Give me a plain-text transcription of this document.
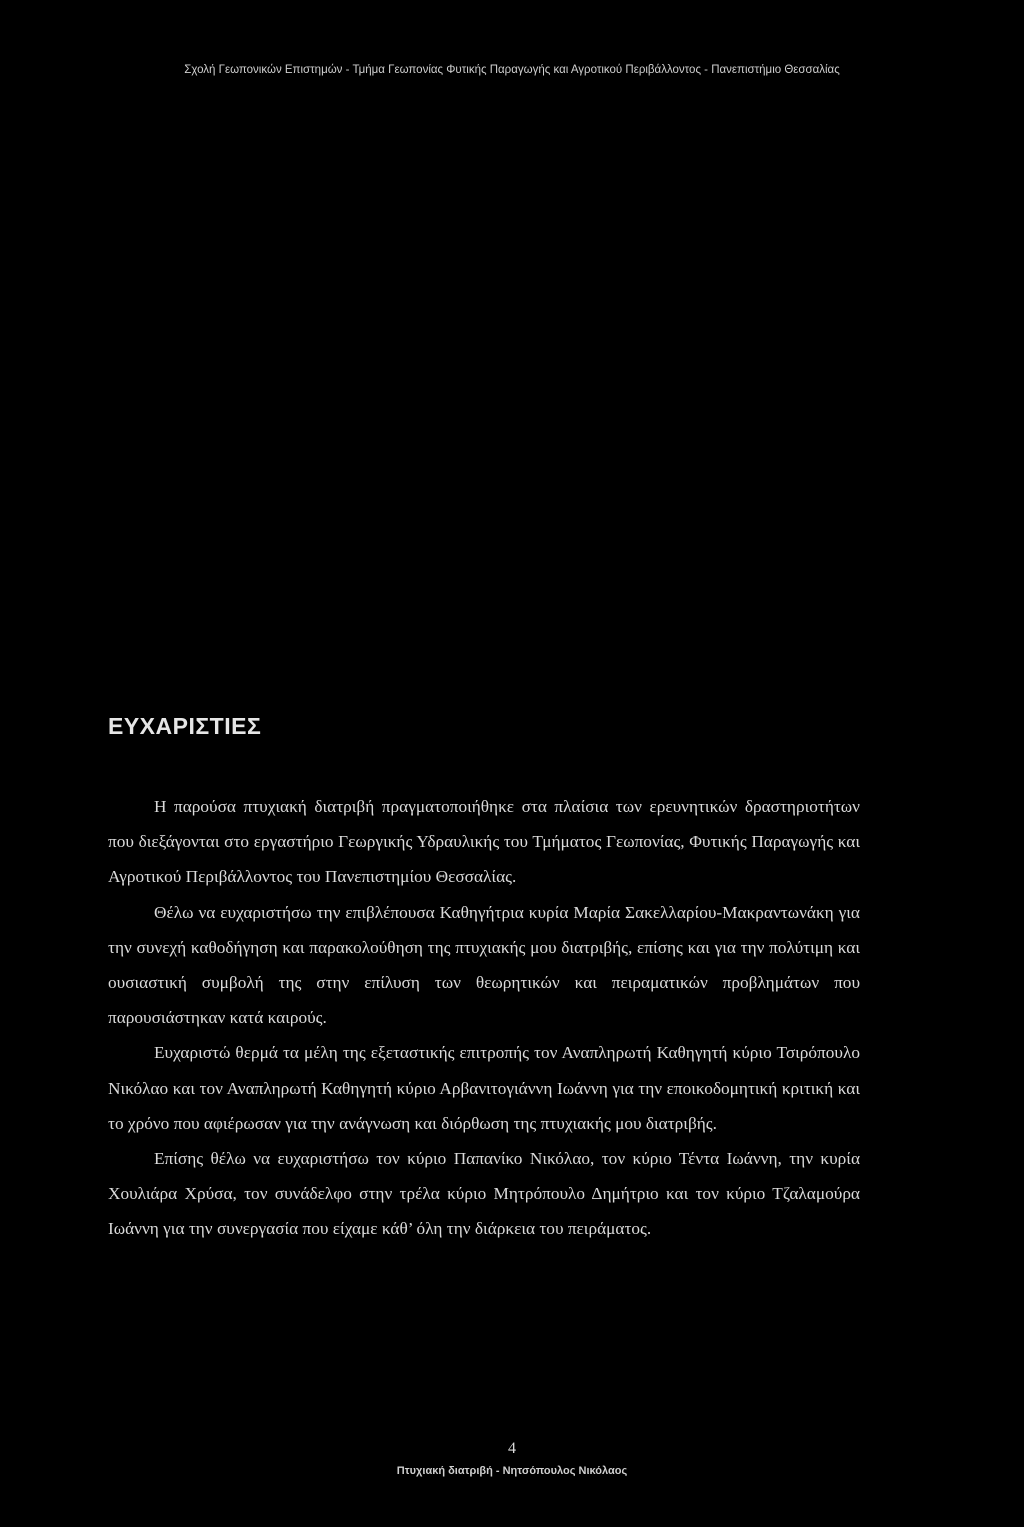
Σχολή Γεωπονικών Επιστημών - Τμήμα Γεωπονίας Φυτικής Παραγωγής και Αγροτικού Περιβάλλοντος - Πανεπιστήμιο Θεσσαλίας
ΕΥΧΑΡΙΣΤΙΕΣ

Η παρούσα πτυχιακή διατριβή πραγματοποιήθηκε στα πλαίσια των ερευνητικών δραστηριοτήτων που διεξάγονται στο εργαστήριο Γεωργικής Υδραυλικής του Τμήματος Γεωπονίας, Φυτικής Παραγωγής και Αγροτικού Περιβάλλοντος του Πανεπιστημίου Θεσσαλίας.

Θέλω να ευχαριστήσω την επιβλέπουσα Καθηγήτρια κυρία Μαρία Σακελλαρίου-Μακραντωνάκη για την συνεχή καθοδήγηση και παρακολούθηση της πτυχιακής μου διατριβής, επίσης και για την πολύτιμη και ουσιαστική συμβολή της στην επίλυση των θεωρητικών και πειραματικών προβλημάτων που παρουσιάστηκαν κατά καιρούς.

Ευχαριστώ θερμά τα μέλη της εξεταστικής επιτροπής τον Αναπληρωτή Καθηγητή κύριο Τσιρόπουλο Νικόλαο και τον Αναπληρωτή Καθηγητή κύριο Αρβανιτογιάννη Ιωάννη για την εποικοδομητική κριτική και το χρόνο που αφιέρωσαν για την ανάγνωση και διόρθωση της πτυχιακής μου διατριβής.

Επίσης θέλω να ευχαριστήσω τον κύριο Παπανίκο Νικόλαο, τον κύριο Τέντα Ιωάννη, την κυρία Χουλιάρα Χρύσα, τον συνάδελφο στην τρέλα κύριο Μητρόπουλο Δημήτριο και τον κύριο Τζαλαμούρα Ιωάννη για την συνεργασία που είχαμε κάθ’ όλη την διάρκεια του πειράματος.

4
Πτυχιακή διατριβή - Νητσόπουλος Νικόλαος
